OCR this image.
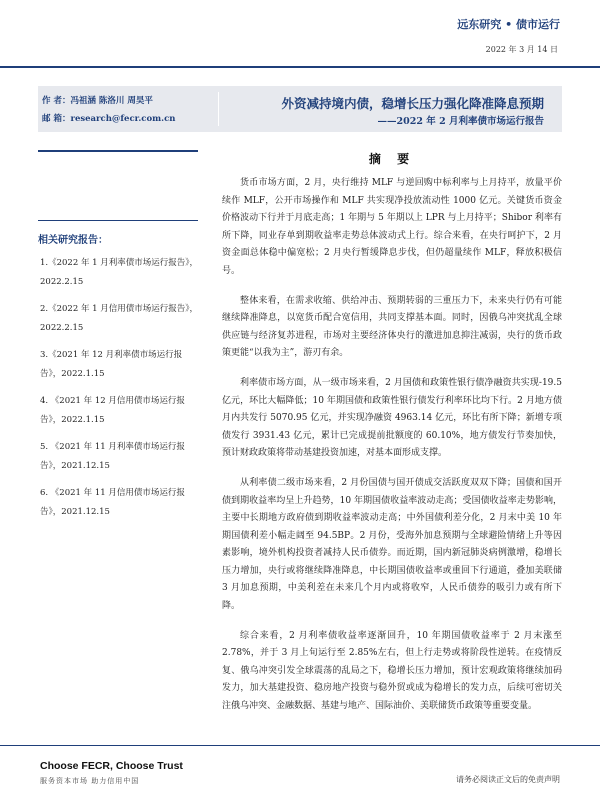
远东研究 • 债市运行
2022 年 3 月 14 日
作 者：冯祖涵 陈洛川 周昊平
邮 箱：research@fecr.com.cn
外资减持境内债，稳增长压力强化降准降息预期
——2022 年 2 月利率债市场运行报告
相关研究报告：
1.《2022 年 1 月利率债市场运行报告》，2022.2.15
2.《2022 年 1 月信用债市场运行报告》，2022.2.15
3.《2021 年 12 月利率债市场运行报告》，2022.1.15
4. 《2021 年 12 月信用债市场运行报告》，2022.1.15
5. 《2021 年 11 月利率债市场运行报告》，2021.12.15
6. 《2021 年 11 月信用债市场运行报告》，2021.12.15
摘 要

货币市场方面，2 月，央行维持 MLF 与逆回购中标利率与上月持平，放量平价续作 MLF，公开市场操作和 MLF 共实现净投放流动性 1000 亿元。关键货币资金价格波动下行并于月底走高；1 年期与 5 年期以上 LPR 与上月持平；Shibor 利率有所下降，同业存单到期收益率走势总体波动式上行。综合来看，在央行呵护下，2 月资金面总体稳中偏宽松；2 月央行暂缓降息步伐，但仍超量续作 MLF，释放积极信号。

整体来看，在需求收缩、供给冲击、预期转弱的三重压力下，未来央行仍有可能继续降准降息，以宽货币配合宽信用，共同支撑基本面。同时，因俄乌冲突扰乱全球供应链与经济复苏进程，市场对主要经济体央行的激进加息抑注减弱，央行的货币政策更能“以我为主”，游刃有余。

利率债市场方面，从一级市场来看，2 月国债和政策性银行债净融资共实现-19.5 亿元，环比大幅降低；10 年期国债和政策性银行债发行利率环比均下行。2 月地方债月内共发行 5070.95 亿元，并实现净融资 4963.14 亿元，环比有所下降；新增专项债发行 3931.43 亿元，累计已完成提前批额度的 60.10%，地方债发行节奏加快，预计财政政策将带动基建投资加速，对基本面形成支撑。

从利率债二级市场来看，2 月份国债与国开债成交活跃度双双下降；国债和国开债到期收益率均呈上升趋势，10 年期国债收益率波动走高；受国债收益率走势影响，主要中长期地方政府债到期收益率波动走高；中外国债利差分化，2 月末中美 10 年期国债利差小幅走阔至 94.5BP。2 月份，受海外加息预期与全球避险情绪上升等因素影响，境外机构投资者减持人民币债券。而近期，国内新冠肺炎病例激增，稳增长压力增加，央行或将继续降准降息，中长期国债收益率或重回下行通道，叠加美联储 3 月加息预期，中美利差在未来几个月内或将收窄，人民币债券的吸引力或有所下降。

综合来看，2 月利率债收益率逐渐回升，10 年期国债收益率于 2 月末涨至 2.78%，并于 3 月上旬运行至 2.85%左右，但上行走势或将阶段性逆转。在疫情反复、俄乌冲突引发全球震荡的乱局之下，稳增长压力增加，预计宏观政策将继续加码发力，加大基建投资、稳房地产投资与稳外贸或成为稳增长的发力点，后续可密切关注俄乌冲突、金融数据、基建与地产、国际油价、美联储货币政策等重要变量。

Choose FECR, Choose Trust
服务资本市场 助力信用中国	请务必阅读正文后的免责声明
